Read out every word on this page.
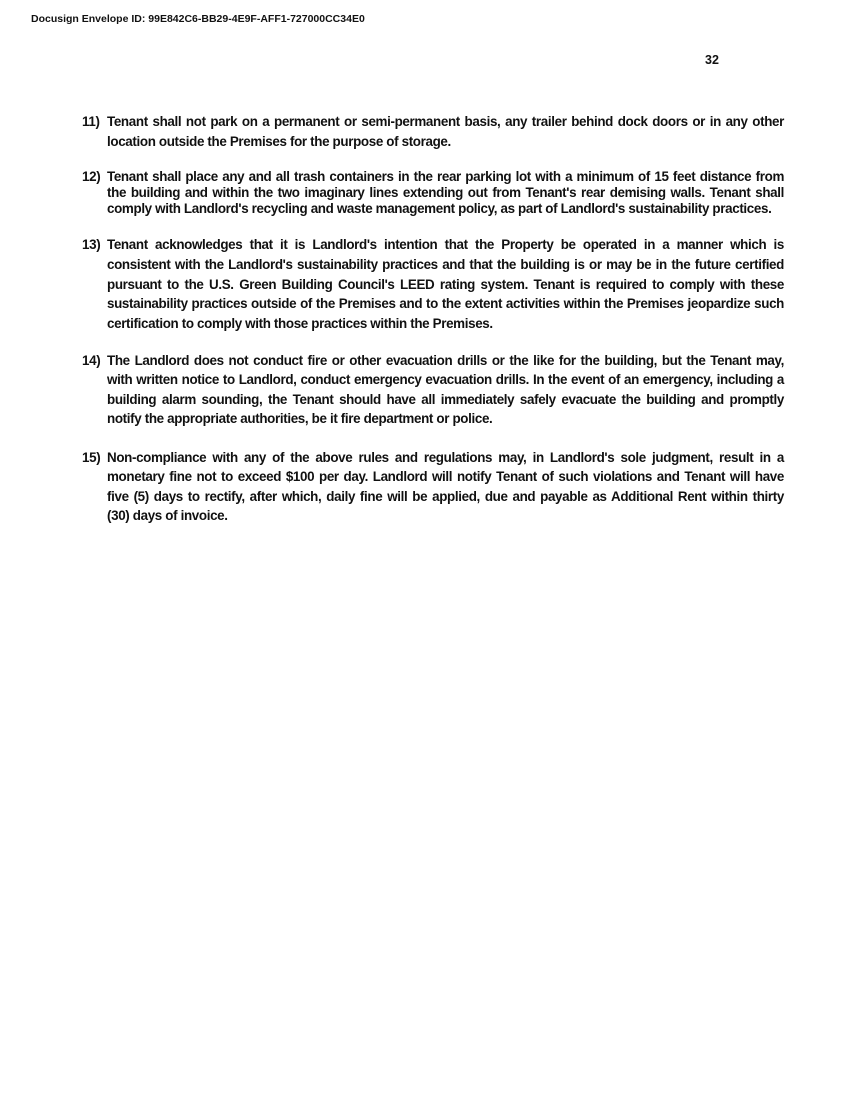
Docusign Envelope ID: 99E842C6-BB29-4E9F-AFF1-727000CC34E0
32
11) Tenant shall not park on a permanent or semi-permanent basis, any trailer behind dock doors or in any other
location outside the Premises for the purpose of storage.
12) Tenant shall place any and all trash containers in the rear parking lot with a minimum of 15 feet distance from
the building and within the two imaginary lines extending out from Tenant's rear demising walls. Tenant shall
comply with Landlord's recycling and waste management policy, as part of Landlord's sustainability practices.
13) Tenant acknowledges that it is Landlord's intention that the Property be operated in a manner which is
consistent with the Landlord's sustainability practices and that the building is or may be in the future certified
pursuant to the U.S. Green Building Council's LEED rating system. Tenant is required to comply with these
sustainability practices outside of the Premises and to the extent activities within the Premises jeopardize such
certification to comply with those practices within the Premises.
14) The Landlord does not conduct fire or other evacuation drills or the like for the building, but the Tenant may,
with written notice to Landlord, conduct emergency evacuation drills. In the event of an emergency, including a
building alarm sounding, the Tenant should have all immediately safely evacuate the building and promptly
notify the appropriate authorities, be it fire department or police.
15) Non-compliance with any of the above rules and regulations may, in Landlord's sole judgment, result in a
monetary fine not to exceed $100 per day. Landlord will notify Tenant of such violations and Tenant will have
five (5) days to rectify, after which, daily fine will be applied, due and payable as Additional Rent within thirty
(30) days of invoice.
